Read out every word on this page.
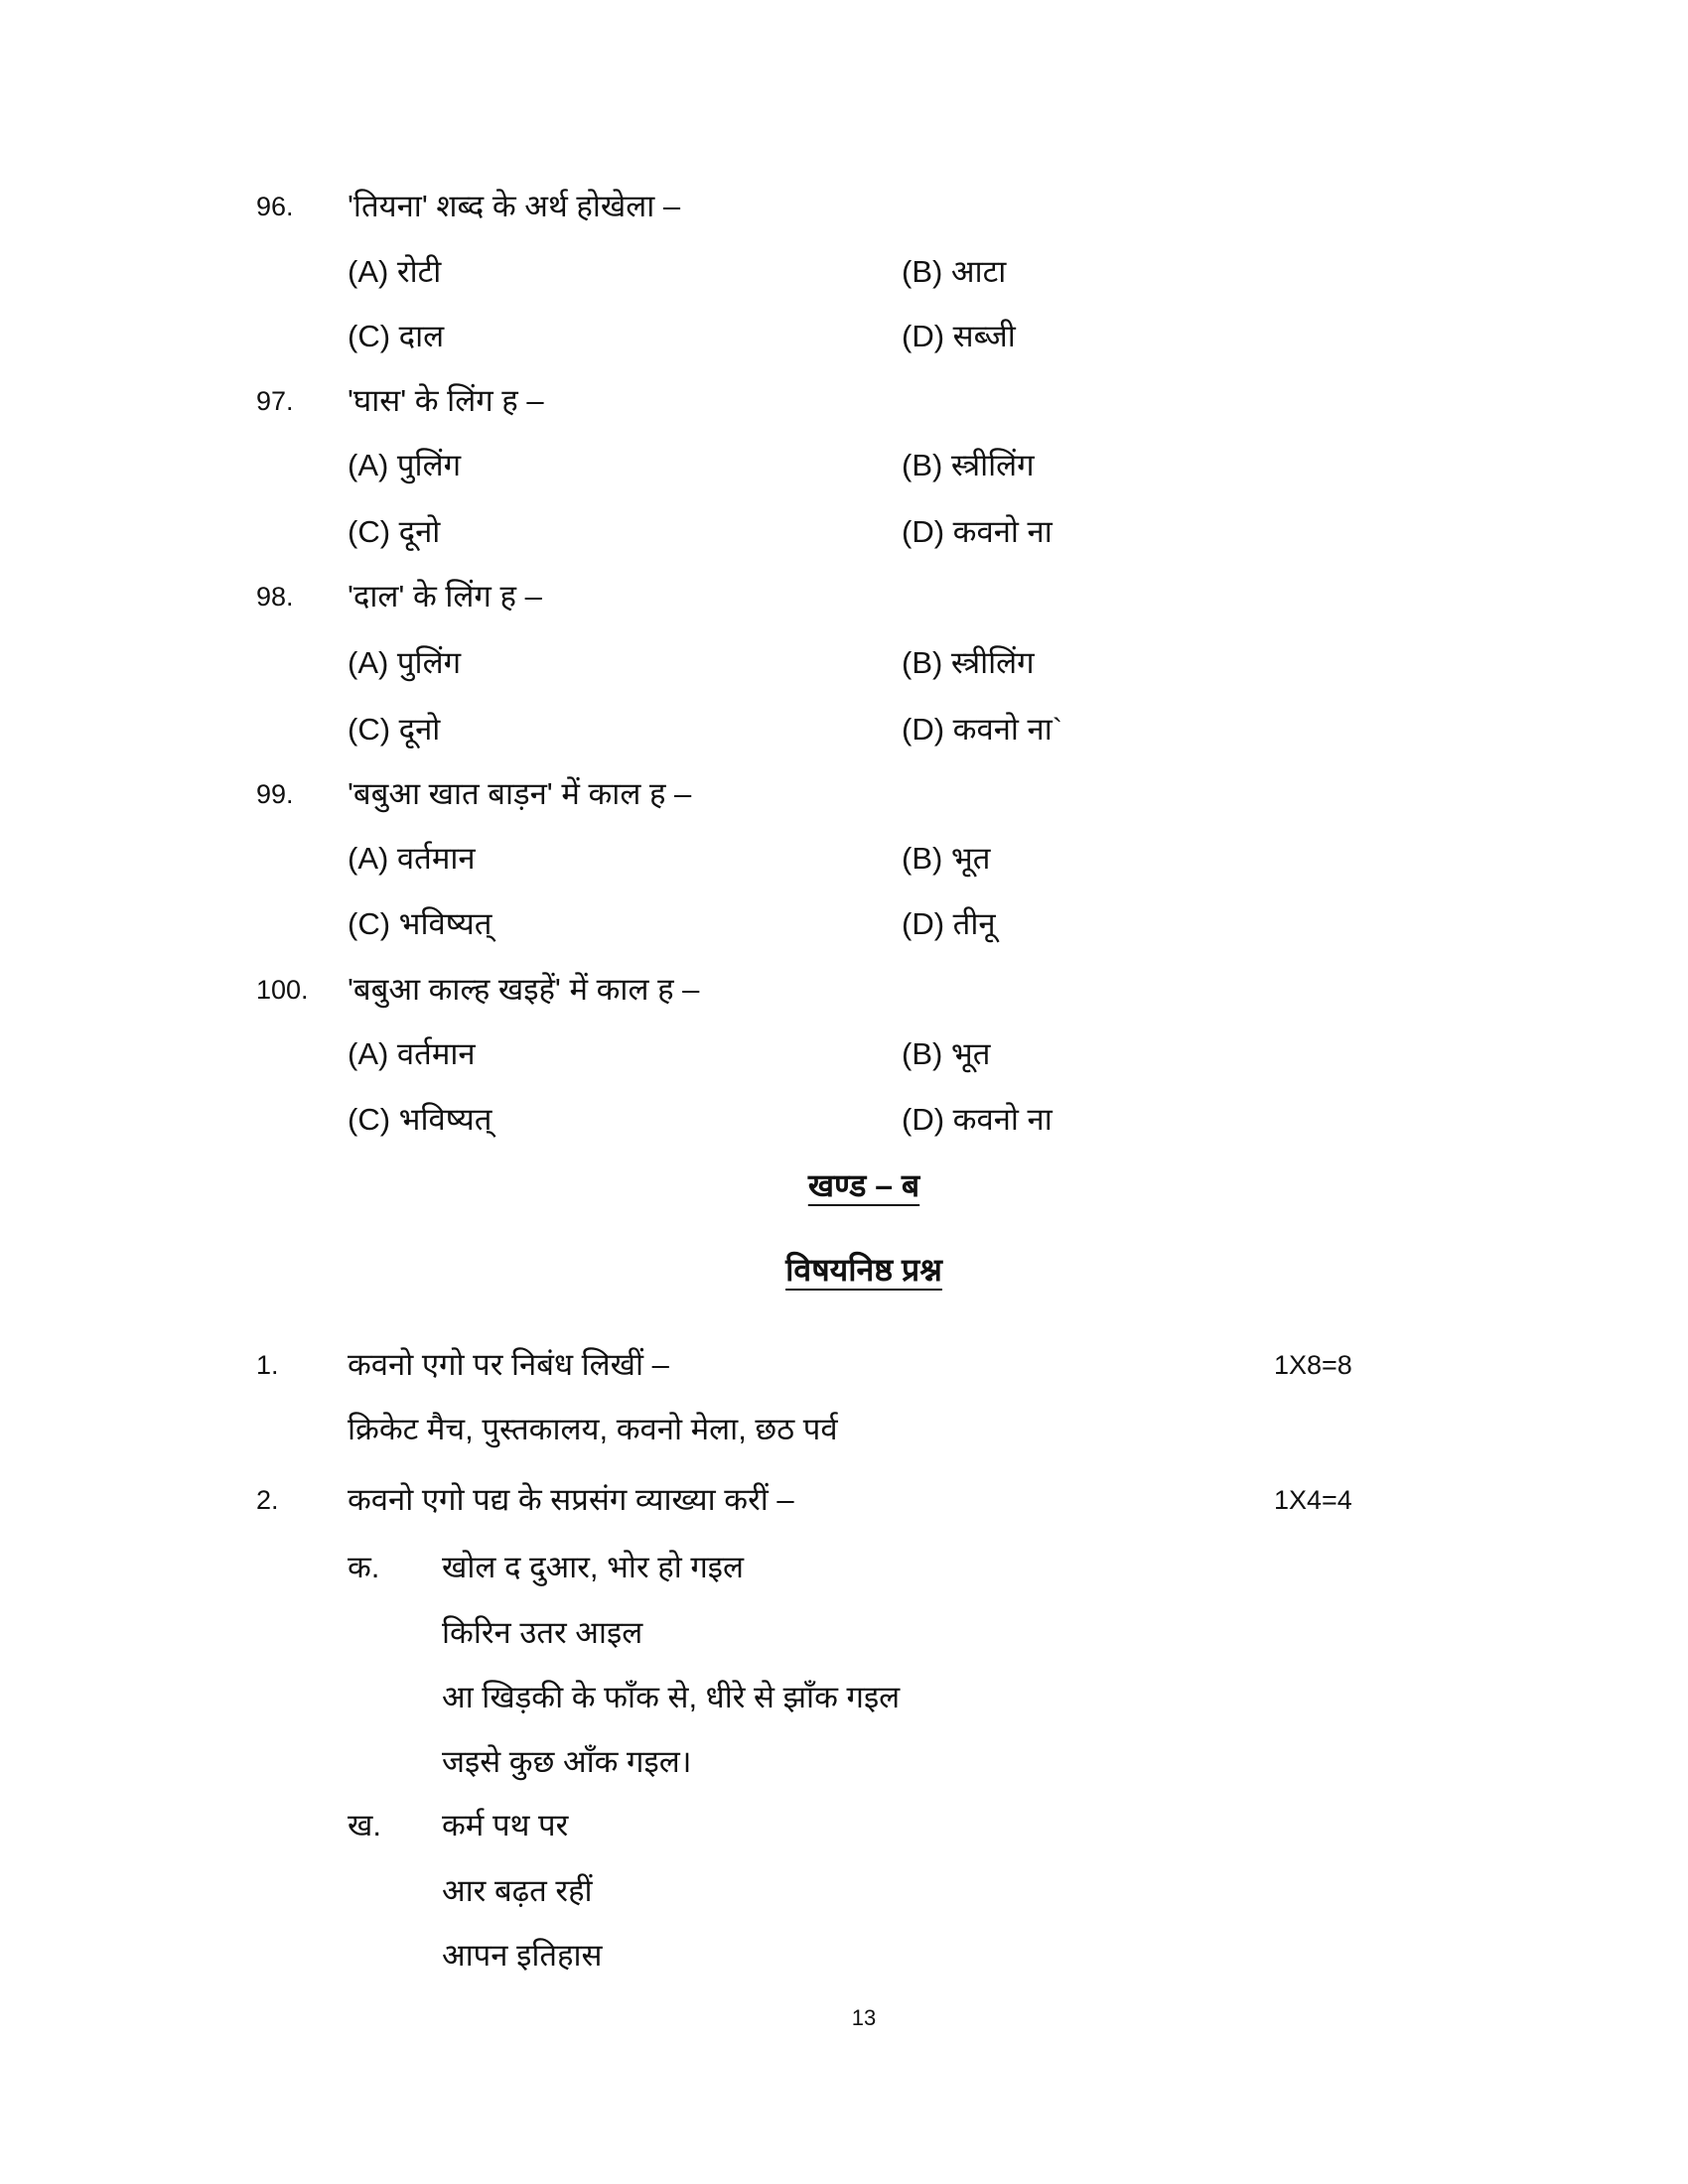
96. 'तियना' शब्द के अर्थ होखेला –
(A) रोटी	(B) आटा
(C) दाल	(D) सब्जी
97. 'घास' के लिंग ह –
(A) पुलिंग	(B) स्त्रीलिंग
(C) दूनो	(D) कवनो ना
98. 'दाल' के लिंग ह –
(A) पुलिंग	(B) स्त्रीलिंग
(C) दूनो	(D) कवनो ना`
99. 'बबुआ खात बाड़न' में काल ह –
(A) वर्तमान	(B) भूत
(C) भविष्यत्	(D) तीनू
100. 'बबुआ काल्ह खइहें' में काल ह –
(A) वर्तमान	(B) भूत
(C) भविष्यत्	(D) कवनो ना
खण्ड – ब
विषयनिष्ठ प्रश्न
1. कवनो एगो पर निबंध लिखीं –	1X8=8
क्रिकेट मैच, पुस्तकालय, कवनो मेला, छठ पर्व
2. कवनो एगो पद्य के सप्रसंग व्याख्या करीं –	1X4=4
क. खोल द दुआर, भोर हो गइल
किरिन उतर आइल
आ खिड़की के फाँक से, धीरे से झाँक गइल
जइसे कुछ आँक गइल।
ख. कर्म पथ पर
आर बढ़त रहीं
आपन इतिहास
13
